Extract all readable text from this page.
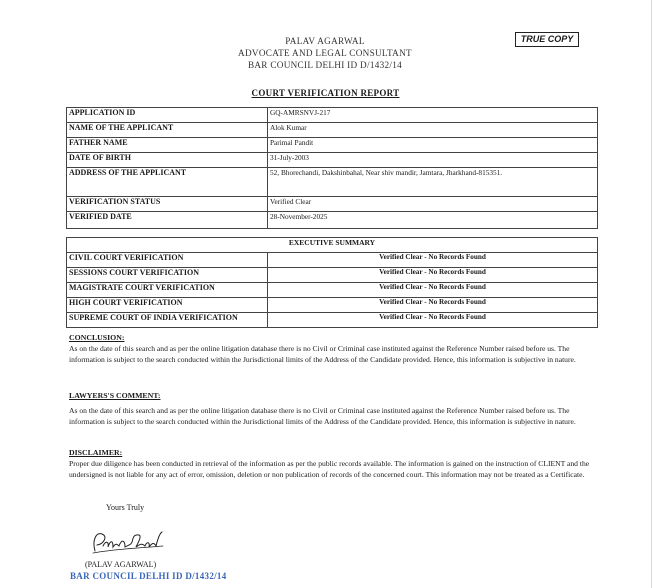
PALAV AGARWAL
ADVOCATE AND LEGAL CONSULTANT
BAR COUNCIL DELHI ID D/1432/14
TRUE COPY
COURT VERIFICATION REPORT
APPLICATION ID	GQ-AMRSNVJ-217
NAME OF THE APPLICANT	Alok Kumar
FATHER NAME	Parimal Pandit
DATE OF BIRTH	31-July-2003
ADDRESS OF THE APPLICANT	52, Bhorechandi, Dakshinbahal, Near shiv mandir, Jamtara, Jharkhand-815351.
VERIFICATION STATUS	Verified Clear
VERIFIED DATE	28-November-2025
EXECUTIVE SUMMARY	
CIVIL COURT VERIFICATION	Verified Clear - No Records Found
SESSIONS COURT VERIFICATION	Verified Clear - No Records Found
MAGISTRATE COURT VERIFICATION	Verified Clear - No Records Found
HIGH COURT VERIFICATION	Verified Clear - No Records Found
SUPREME COURT OF INDIA VERIFICATION	Verified Clear - No Records Found
CONCLUSION:
As on the date of this search and as per the online litigation database there is no Civil or Criminal case instituted against the Reference Number raised before us. The information is subject to the search conducted within the Jurisdictional limits of the Address of the Candidate provided. Hence, this information is subjective in nature.
LAWYERS'S COMMENT:
As on the date of this search and as per the online litigation database there is no Civil or Criminal case instituted against the Reference Number raised before us. The information is subject to the search conducted within the Jurisdictional limits of the Address of the Candidate provided. Hence, this information is subjective in nature.
DISCLAIMER:
Proper due diligence has been conducted in retrieval of the information as per the public records available. The information is gained on the instruction of CLIENT and the undersigned is not liable for any act of error, omission, deletion or non publication of records of the concerned court. This information may not be treated as a Certificate.
Yours Truly
(PALAV AGARWAL)
BAR COUNCIL DELHI ID D/1432/14
